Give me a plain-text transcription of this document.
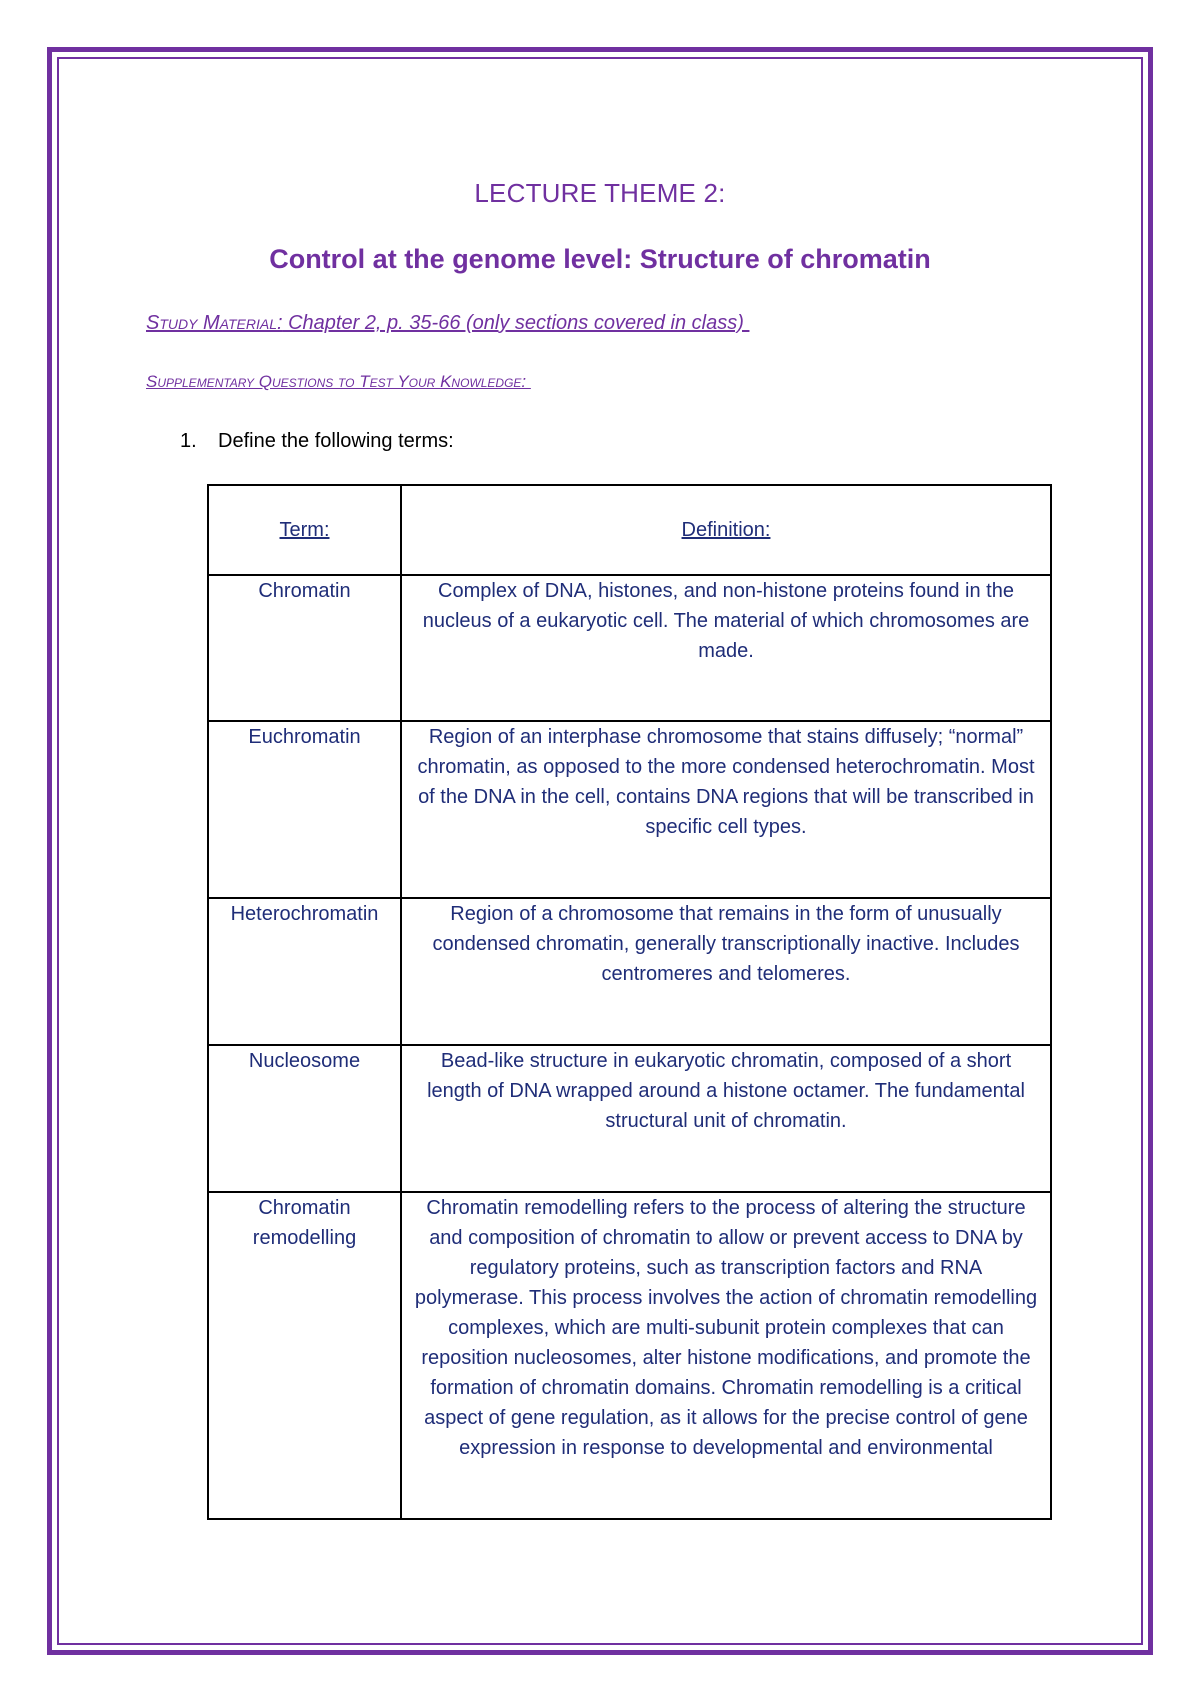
LECTURE THEME 2:
Control at the genome level: Structure of chromatin
Study Material: Chapter 2, p. 35-66 (only sections covered in class)
Supplementary Questions to Test Your Knowledge:
1. Define the following terms:
Term:	Definition:
Chromatin	Complex of DNA, histones, and non-histone proteins found in the nucleus of a eukaryotic cell. The material of which chromosomes are made.
Euchromatin	Region of an interphase chromosome that stains diffusely; “normal” chromatin, as opposed to the more condensed heterochromatin. Most of the DNA in the cell, contains DNA regions that will be transcribed in specific cell types.
Heterochromatin	Region of a chromosome that remains in the form of unusually condensed chromatin, generally transcriptionally inactive. Includes centromeres and telomeres.
Nucleosome	Bead-like structure in eukaryotic chromatin, composed of a short length of DNA wrapped around a histone octamer. The fundamental structural unit of chromatin.

Chromatin remodelling	Chromatin remodelling refers to the process of altering the structure and composition of chromatin to allow or prevent access to DNA by regulatory proteins, such as transcription factors and RNA polymerase. This process involves the action of chromatin remodelling complexes, which are multi-subunit protein complexes that can reposition nucleosomes, alter histone modifications, and promote the formation of chromatin domains. Chromatin remodelling is a critical aspect of gene regulation, as it allows for the precise control of gene expression in response to developmental and environmental
